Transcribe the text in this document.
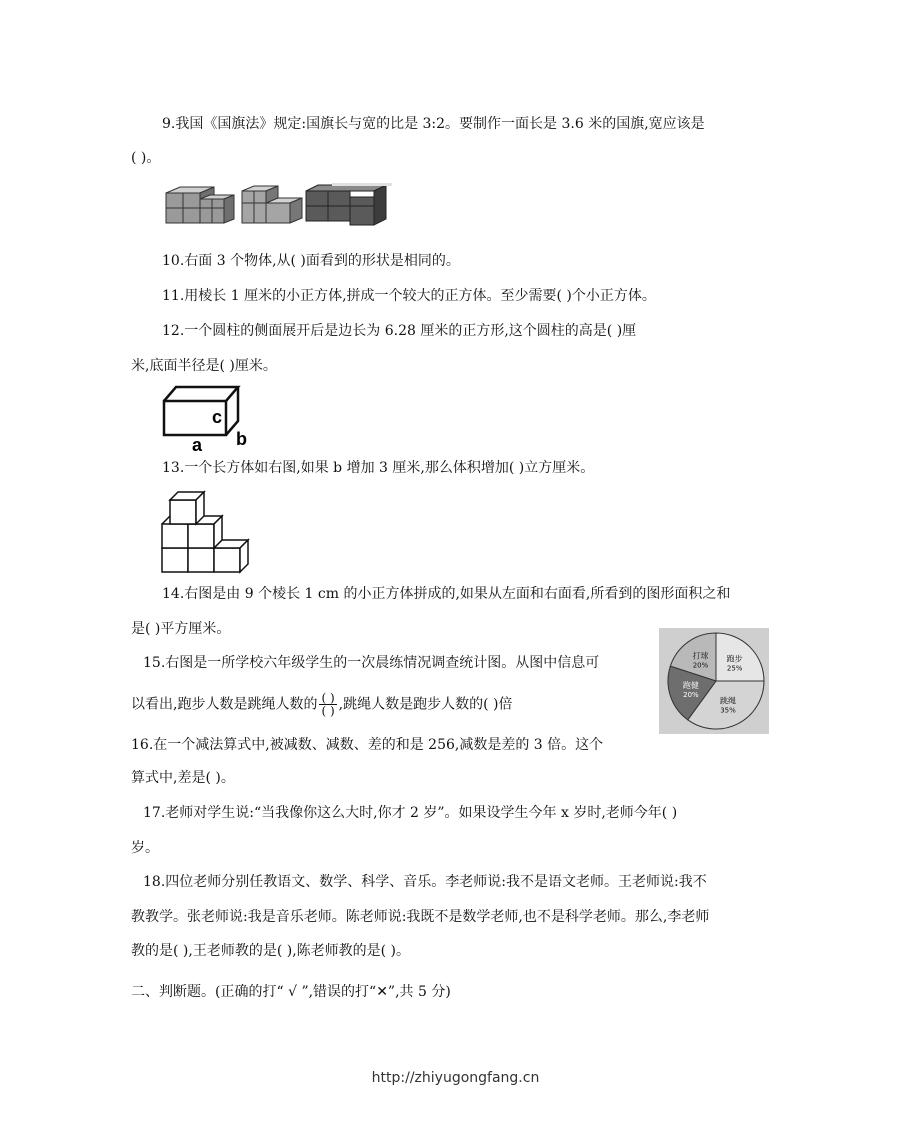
9.我国《国旗法》规定:国旗长与宽的比是 3:2。要制作一面长是 3.6 米的国旗,宽应该是
( )。
10.右面 3 个物体,从( )面看到的形状是相同的。
11.用棱长 1 厘米的小正方体,拼成一个较大的正方体。至少需要( )个小正方体。
12.一个圆柱的侧面展开后是边长为 6.28 厘米的正方形,这个圆柱的高是( )厘
米,底面半径是( )厘米。
c
a b
13.一个长方体如右图,如果 b 增加 3 厘米,那么体积增加( )立方厘米。
14.右图是由 9 个棱长 1 cm 的小正方体拼成的,如果从左面和右面看,所看到的图形面积之和
是( )平方厘米。
15.右图是一所学校六年级学生的一次晨练情况调查统计图。从图中信息可
以看出,跑步人数是跳绳人数的 $\frac{( )}{( )}$ ,跳绳人数是跑步人数的( )倍
打球
20%
跑步
25%
跳绳
35%
跑健
20%
16.在一个减法算式中,被减数、减数、差的和是 256,减数是差的 3 倍。这个
算式中,差是( )。
17.老师对学生说:“当我像你这么大时,你才 2 岁”。如果设学生今年 x 岁时,老师今年( )
岁。
18.四位老师分别任教语文、数学、科学、音乐。李老师说:我不是语文老师。王老师说:我不
教教学。张老师说:我是音乐老师。陈老师说:我既不是数学老师,也不是科学老师。那么,李老师
教的是( ),王老师教的是( ),陈老师教的是( )。
二、判断题。(正确的打“ √ ”,错误的打“✕”,共 5 分)
http://zhiyugongfang.cn
